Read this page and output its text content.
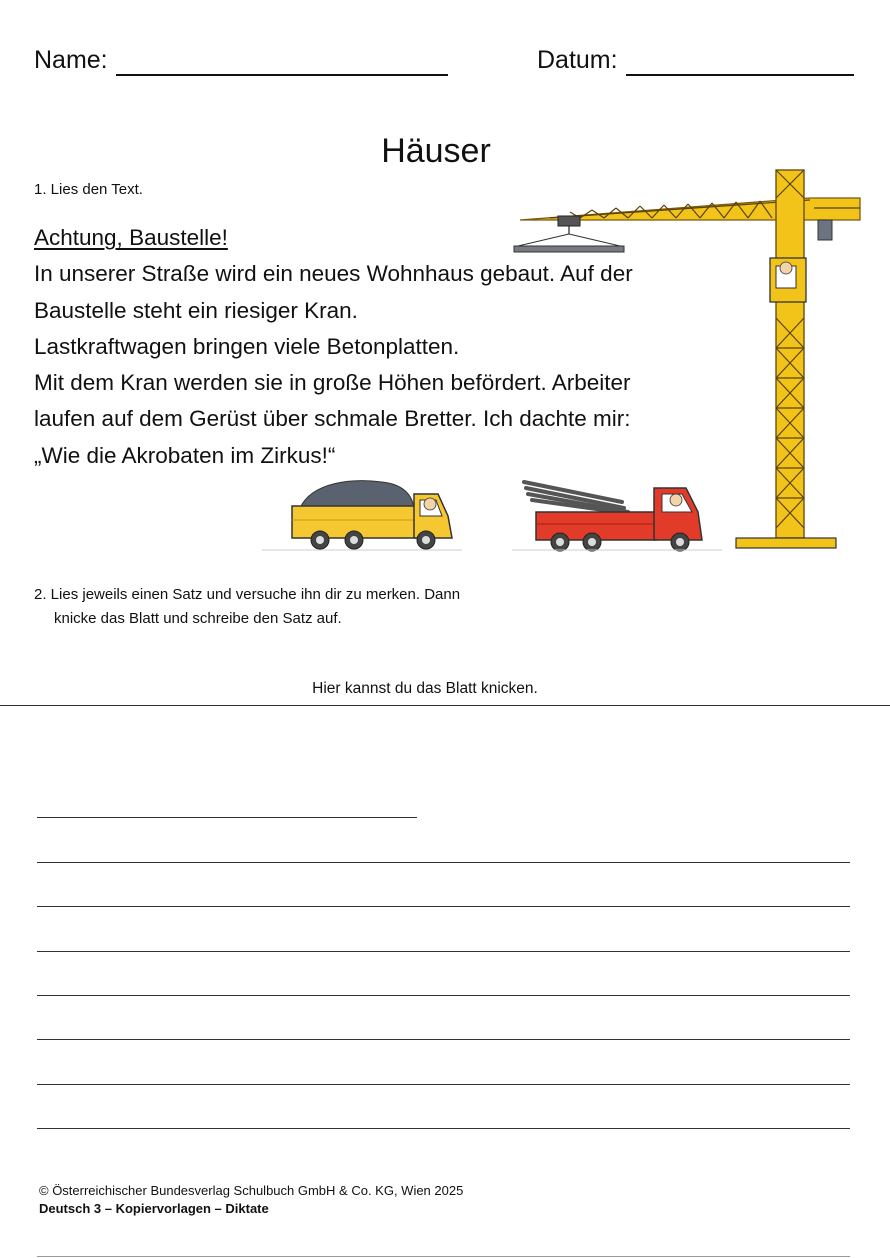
Name:	Datum:
Häuser
1. Lies den Text.
Achtung, Baustelle!
In unserer Straße wird ein neues Wohnhaus gebaut. Auf der
Baustelle steht ein riesiger Kran.
Lastkraftwagen bringen viele Betonplatten.
Mit dem Kran werden sie in große Höhen befördert. Arbeiter
laufen auf dem Gerüst über schmale Bretter. Ich dachte mir:
„Wie die Akrobaten im Zirkus!“
2. Lies jeweils einen Satz und versuche ihn dir zu merken. Dann
knicke das Blatt und schreibe den Satz auf.
Hier kannst du das Blatt knicken.
© Österreichischer Bundesverlag Schulbuch GmbH & Co. KG, Wien 2025
Deutsch 3 – Kopiervorlagen – Diktate
